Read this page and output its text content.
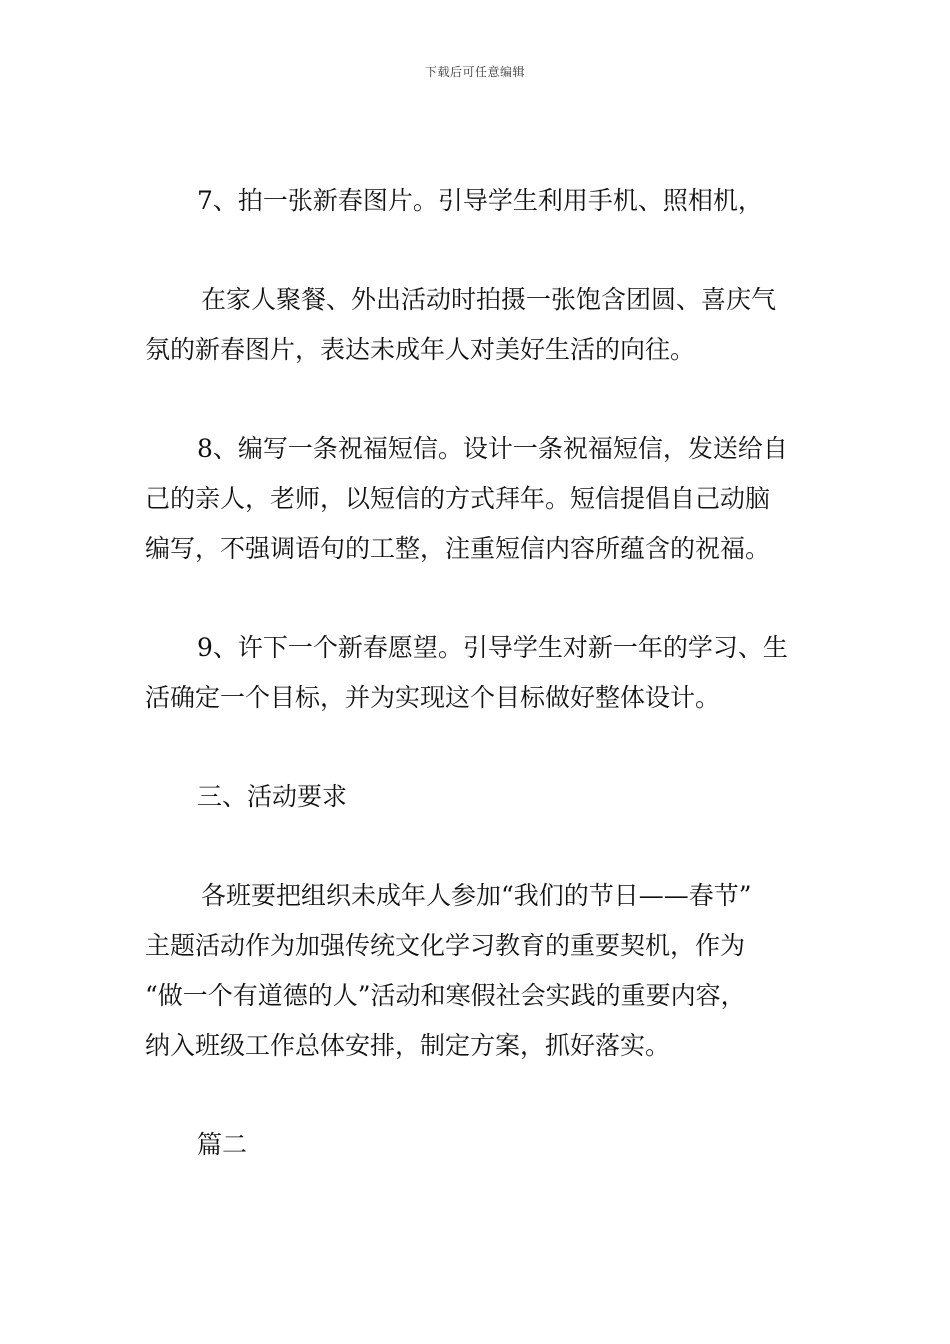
下载后可任意编辑
7、拍一张新春图片。引导学生利用手机、照相机，
在家人聚餐、外出活动时拍摄一张饱含团圆、喜庆气
氛的新春图片，表达未成年人对美好生活的向往。
8、编写一条祝福短信。设计一条祝福短信，发送给自
己的亲人，老师，以短信的方式拜年。短信提倡自己动脑
编写，不强调语句的工整，注重短信内容所蕴含的祝福。
9、许下一个新春愿望。引导学生对新一年的学习、生
活确定一个目标，并为实现这个目标做好整体设计。
三、活动要求
各班要把组织未成年人参加“我们的节日——春节”
主题活动作为加强传统文化学习教育的重要契机，作为
“做一个有道德的人”活动和寒假社会实践的重要内容，
纳入班级工作总体安排，制定方案，抓好落实。
篇二
